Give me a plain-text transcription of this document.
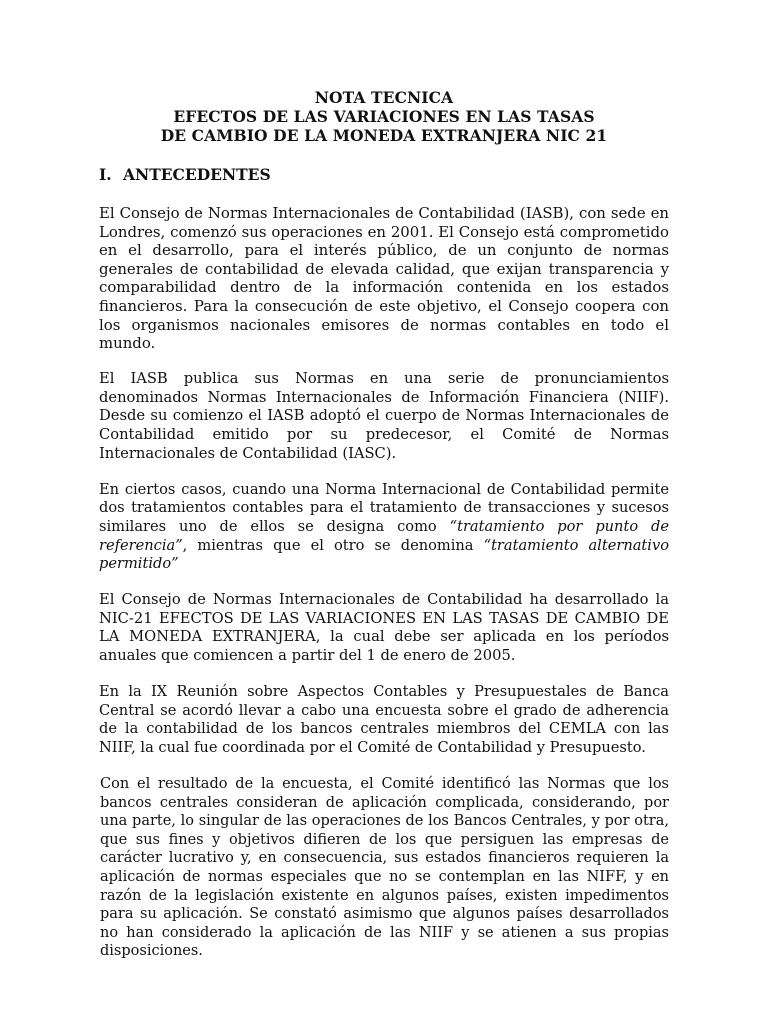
NOTA TECNICA
EFECTOS DE LAS VARIACIONES EN LAS TASAS
DE CAMBIO DE LA MONEDA EXTRANJERA NIC 21
I. ANTECEDENTES

El Consejo de Normas Internacionales de Contabilidad (IASB), con sede en Londres, comenzó sus operaciones en 2001. El Consejo está comprometido en el desarrollo, para el interés público, de un conjunto de normas generales de contabilidad de elevada calidad, que exijan transparencia y comparabilidad dentro de la información contenida en los estados financieros. Para la consecución de este objetivo, el Consejo coopera con los organismos nacionales emisores de normas contables en todo el mundo.

El IASB publica sus Normas en una serie de pronunciamientos denominados Normas Internacionales de Información Financiera (NIIF). Desde su comienzo el IASB adoptó el cuerpo de Normas Internacionales de Contabilidad emitido por su predecesor, el Comité de Normas Internacionales de Contabilidad (IASC).

En ciertos casos, cuando una Norma Internacional de Contabilidad permite dos tratamientos contables para el tratamiento de transacciones y sucesos similares uno de ellos se designa como “tratamiento por punto de referencia”, mientras que el otro se denomina “tratamiento alternativo permitido”

El Consejo de Normas Internacionales de Contabilidad ha desarrollado la NIC-21 EFECTOS DE LAS VARIACIONES EN LAS TASAS DE CAMBIO DE LA MONEDA EXTRANJERA, la cual debe ser aplicada en los períodos anuales que comiencen a partir del 1 de enero de 2005.

En la IX Reunión sobre Aspectos Contables y Presupuestales de Banca Central se acordó llevar a cabo una encuesta sobre el grado de adherencia de la contabilidad de los bancos centrales miembros del CEMLA con las NIIF, la cual fue coordinada por el Comité de Contabilidad y Presupuesto.

Con el resultado de la encuesta, el Comité identificó las Normas que los bancos centrales consideran de aplicación complicada, considerando, por una parte, lo singular de las operaciones de los Bancos Centrales, y por otra, que sus fines y objetivos difieren de los que persiguen las empresas de carácter lucrativo y, en consecuencia, sus estados financieros requieren la aplicación de normas especiales que no se contemplan en las NIFF, y en razón de la legislación existente en algunos países, existen impedimentos para su aplicación. Se constató asimismo que algunos países desarrollados no han considerado la aplicación de las NIIF y se atienen a sus propias disposiciones.
